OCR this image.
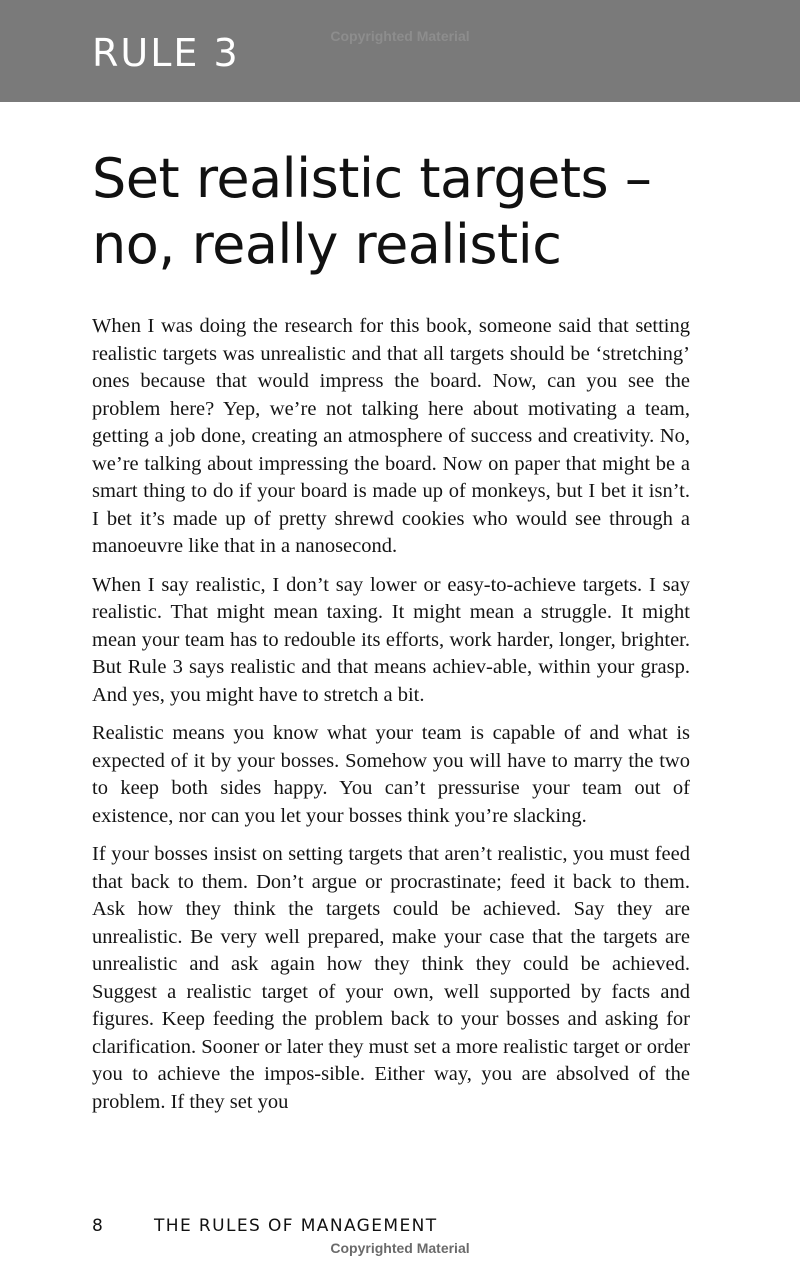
RULE 3	Copyrighted Material
Set realistic targets –
no, really realistic

When I was doing the research for this book, someone said that setting realistic targets was unrealistic and that all targets should be ‘stretching’ ones because that would impress the board. Now, can you see the problem here? Yep, we’re not talking here about motivating a team, getting a job done, creating an atmosphere of success and creativity. No, we’re talking about impressing the board. Now on paper that might be a smart thing to do if your board is made up of monkeys, but I bet it isn’t. I bet it’s made up of pretty shrewd cookies who would see through a manoeuvre like that in a nanosecond.

When I say realistic, I don’t say lower or easy-to-achieve targets. I say realistic. That might mean taxing. It might mean a struggle. It might mean your team has to redouble its efforts, work harder, longer, brighter. But Rule 3 says realistic and that means achiev-able, within your grasp. And yes, you might have to stretch a bit.

Realistic means you know what your team is capable of and what is expected of it by your bosses. Somehow you will have to marry the two to keep both sides happy. You can’t pressurise your team out of existence, nor can you let your bosses think you’re slacking.

If your bosses insist on setting targets that aren’t realistic, you must feed that back to them. Don’t argue or procrastinate; feed it back to them. Ask how they think the targets could be achieved. Say they are unrealistic. Be very well prepared, make your case that the targets are unrealistic and ask again how they think they could be achieved. Suggest a realistic target of your own, well supported by facts and figures. Keep feeding the problem back to your bosses and asking for clarification. Sooner or later they must set a more realistic target or order you to achieve the impos-sible. Either way, you are absolved of the problem. If they set you

8	THE RULES OF MANAGEMENT
Copyrighted Material
